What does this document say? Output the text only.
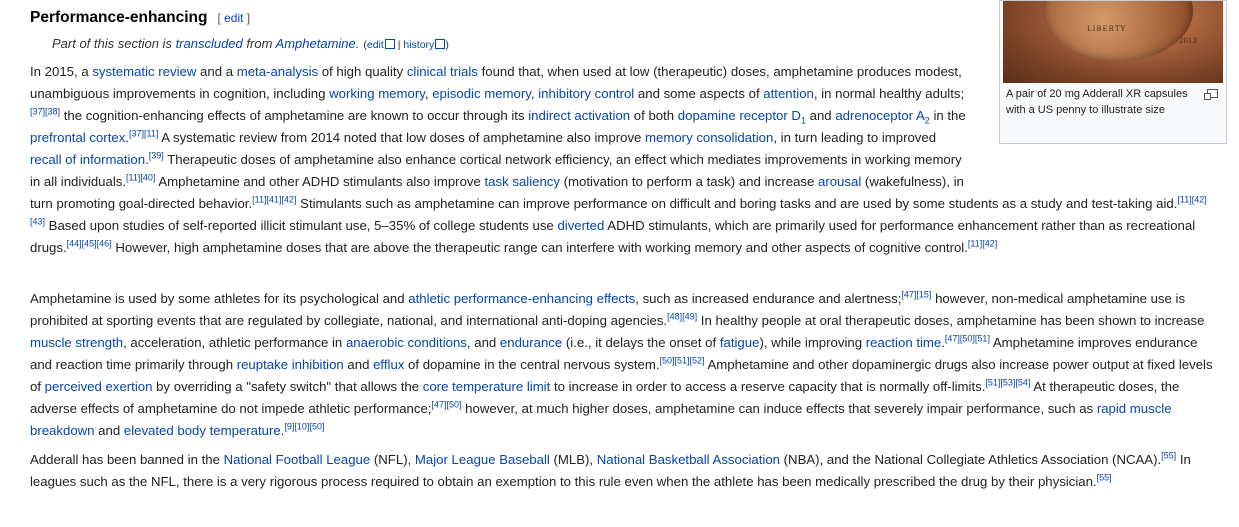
Performance-enhancing [ edit ]
Part of this section is transcluded from Amphetamine. (edit | history )

In 2015, a systematic review and a meta-analysis of high quality clinical trials found that, when used at low (therapeutic) doses, amphetamine produces modest, unambiguous improvements in cognition, including working memory, episodic memory, inhibitory control and some aspects of attention, in normal healthy adults;[37][38] the cognition-enhancing effects of amphetamine are known to occur through its indirect activation of both dopamine receptor $D_1$ and adrenoceptor $A_2$ in the prefrontal cortex.[37][11] A systematic review from 2014 noted that low doses of amphetamine also improve memory consolidation, in turn leading to improved recall of information.[39] Therapeutic doses of amphetamine also enhance cortical network efficiency, an effect which mediates improvements in working memory in all individuals.[11][40] Amphetamine and other ADHD stimulants also improve task saliency (motivation to perform a task) and increase arousal (wakefulness), in turn promoting goal-directed behavior.[11][41][42] Stimulants such as amphetamine can improve performance on difficult and boring tasks and are used by some students as a study and test-taking aid.[11][42][43] Based upon studies of self-reported illicit stimulant use, 5–35% of college students use diverted ADHD stimulants, which are primarily used for performance enhancement rather than as recreational drugs.[44][45][46] However, high amphetamine doses that are above the therapeutic range can interfere with working memory and other aspects of cognitive control.[11][42]

Amphetamine is used by some athletes for its psychological and athletic performance-enhancing effects, such as increased endurance and alertness;[47][15] however, non-medical amphetamine use is prohibited at sporting events that are regulated by collegiate, national, and international anti-doping agencies.[48][49] In healthy people at oral therapeutic doses, amphetamine has been shown to increase muscle strength, acceleration, athletic performance in anaerobic conditions, and endurance (i.e., it delays the onset of fatigue), while improving reaction time.[47][50][51] Amphetamine improves endurance and reaction time primarily through reuptake inhibition and efflux of dopamine in the central nervous system.[50][51][52] Amphetamine and other dopaminergic drugs also increase power output at fixed levels of perceived exertion by overriding a "safety switch" that allows the core temperature limit to increase in order to access a reserve capacity that is normally off-limits.[51][53][54] At therapeutic doses, the adverse effects of amphetamine do not impede athletic performance;[47][50] however, at much higher doses, amphetamine can induce effects that severely impair performance, such as rapid muscle breakdown and elevated body temperature.[9][10][50]

Adderall has been banned in the National Football League (NFL), Major League Baseball (MLB), National Basketball Association (NBA), and the National Collegiate Athletics Association (NCAA).[55] In leagues such as the NFL, there is a very rigorous process required to obtain an exemption to this rule even when the athlete has been medically prescribed the drug by their physician.[55]

LIBERTY
2013
A pair of 20 mg Adderall XR capsules with a US penny to illustrate size
